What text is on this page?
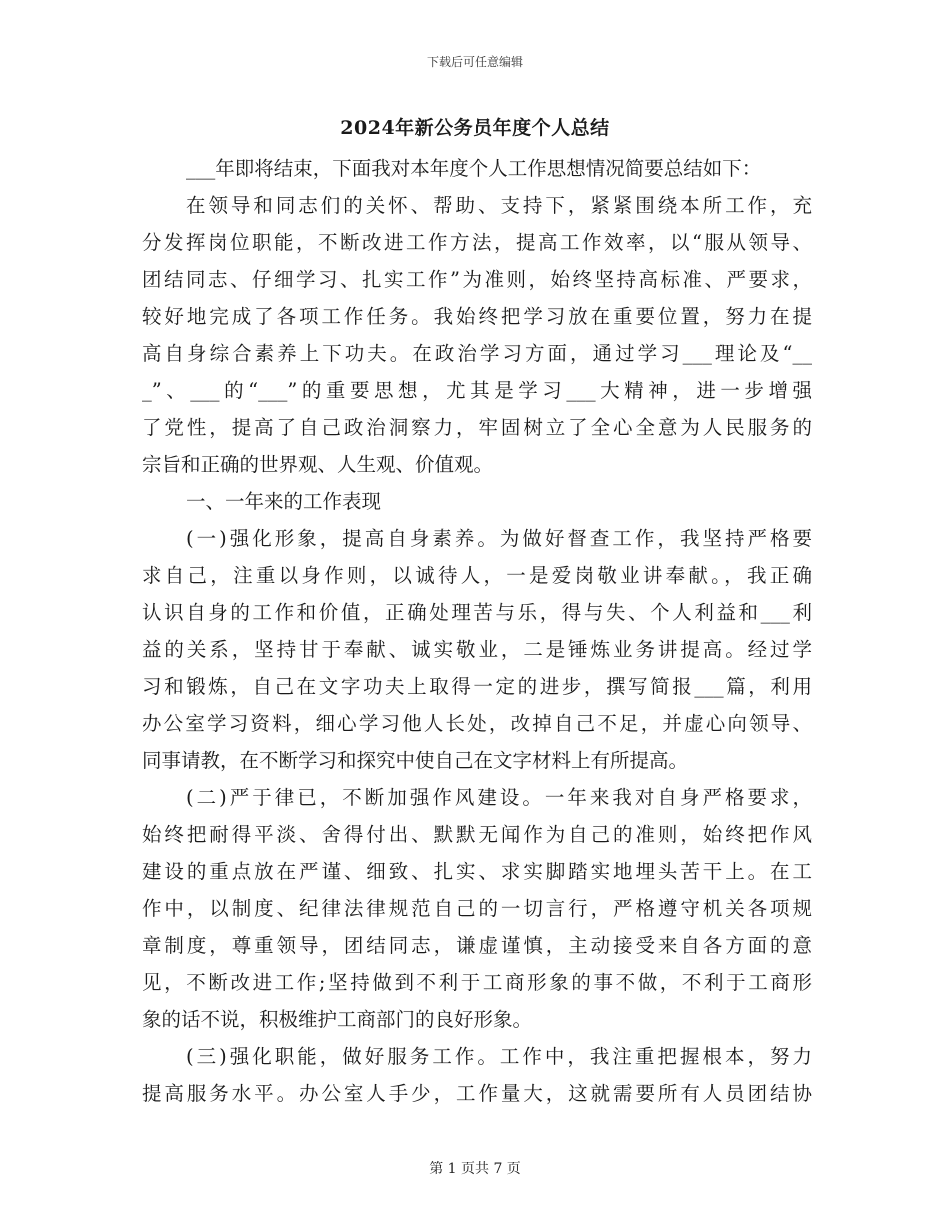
下载后可任意编辑
2024年新公务员年度个人总结
___年即将结束，下面我对本年度个人工作思想情况简要总结如下：
在领导和同志们的关怀、帮助、支持下，紧紧围绕本所工作，充
分发挥岗位职能，不断改进工作方法，提高工作效率，以“服从领导、
团结同志、仔细学习、扎实工作”为准则，始终坚持高标准、严要求，
较好地完成了各项工作任务。我始终把学习放在重要位置，努力在提
高自身综合素养上下功夫。在政治学习方面，通过学习___理论及“__
_”、___的“___”的重要思想，尤其是学习___大精神，进一步增强
了党性，提高了自己政治洞察力，牢固树立了全心全意为人民服务的
宗旨和正确的世界观、人生观、价值观。
一、一年来的工作表现
(一)强化形象，提高自身素养。为做好督查工作，我坚持严格要
求自己，注重以身作则，以诚待人，一是爱岗敬业讲奉献。，我正确
认识自身的工作和价值，正确处理苦与乐，得与失、个人利益和___利
益的关系，坚持甘于奉献、诚实敬业，二是锤炼业务讲提高。经过学
习和锻炼，自己在文字功夫上取得一定的进步，撰写简报___篇，利用
办公室学习资料，细心学习他人长处，改掉自己不足，并虚心向领导、
同事请教，在不断学习和探究中使自己在文字材料上有所提高。
(二)严于律已，不断加强作风建设。一年来我对自身严格要求，
始终把耐得平淡、舍得付出、默默无闻作为自己的准则，始终把作风
建设的重点放在严谨、细致、扎实、求实脚踏实地埋头苦干上。在工
作中，以制度、纪律法律规范自己的一切言行，严格遵守机关各项规
章制度，尊重领导，团结同志，谦虚谨慎，主动接受来自各方面的意
见，不断改进工作;坚持做到不利于工商形象的事不做，不利于工商形
象的话不说，积极维护工商部门的良好形象。
(三)强化职能，做好服务工作。工作中，我注重把握根本，努力
提高服务水平。办公室人手少，工作量大，这就需要所有人员团结协
第 1 页共 7 页
